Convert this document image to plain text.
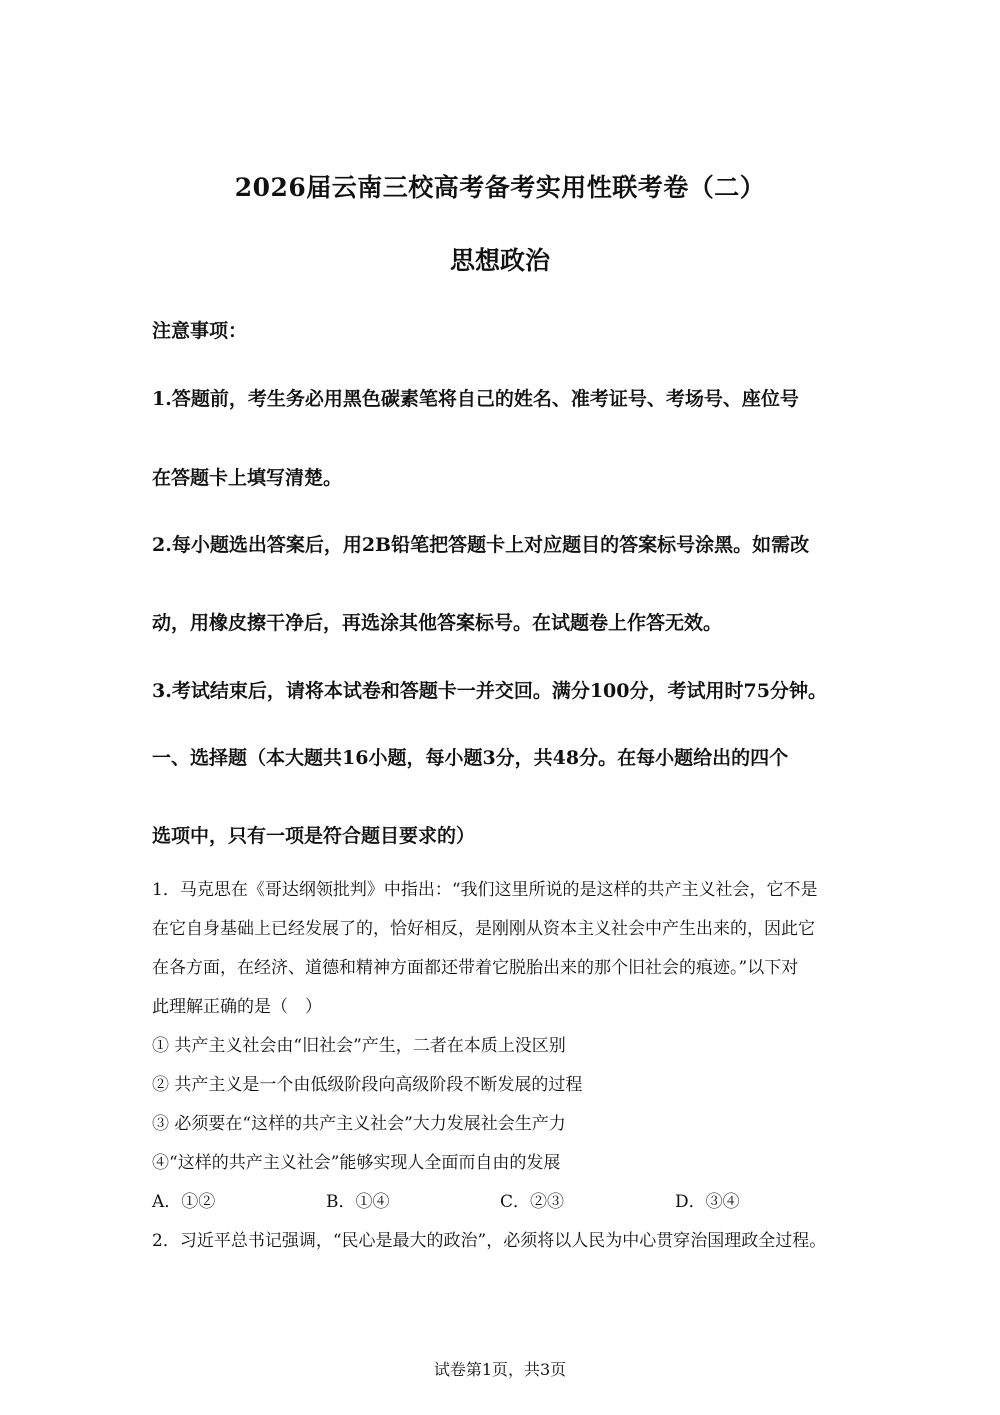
2026届云南三校高考备考实用性联考卷（二）
思想政治
注意事项：
1.答题前，考生务必用黑色碳素笔将自己的姓名、准考证号、考场号、座位号
在答题卡上填写清楚。
2.每小题选出答案后，用2B铅笔把答题卡上对应题目的答案标号涂黑。如需改
动，用橡皮擦干净后，再选涂其他答案标号。在试题卷上作答无效。
3.考试结束后，请将本试卷和答题卡一并交回。满分100分，考试用时75分钟。
一、选择题（本大题共16小题，每小题3分，共48分。在每小题给出的四个
选项中，只有一项是符合题目要求的）
1．马克思在《哥达纲领批判》中指出：“我们这里所说的是这样的共产主义社会，它不是
在它自身基础上已经发展了的，恰好相反，是刚刚从资本主义社会中产生出来的，因此它
在各方面，在经济、道德和精神方面都还带着它脱胎出来的那个旧社会的痕迹。”以下对
此理解正确的是（　）
① 共产主义社会由“旧社会”产生，二者在本质上没区别
② 共产主义是一个由低级阶段向高级阶段不断发展的过程
③ 必须要在“这样的共产主义社会”大力发展社会生产力
④“这样的共产主义社会”能够实现人全面而自由的发展
A．①②	B．①④	C．②③	D．③④
2．习近平总书记强调，“民心是最大的政治”，必须将以人民为中心贯穿治国理政全过程。
试卷第1页，共3页
